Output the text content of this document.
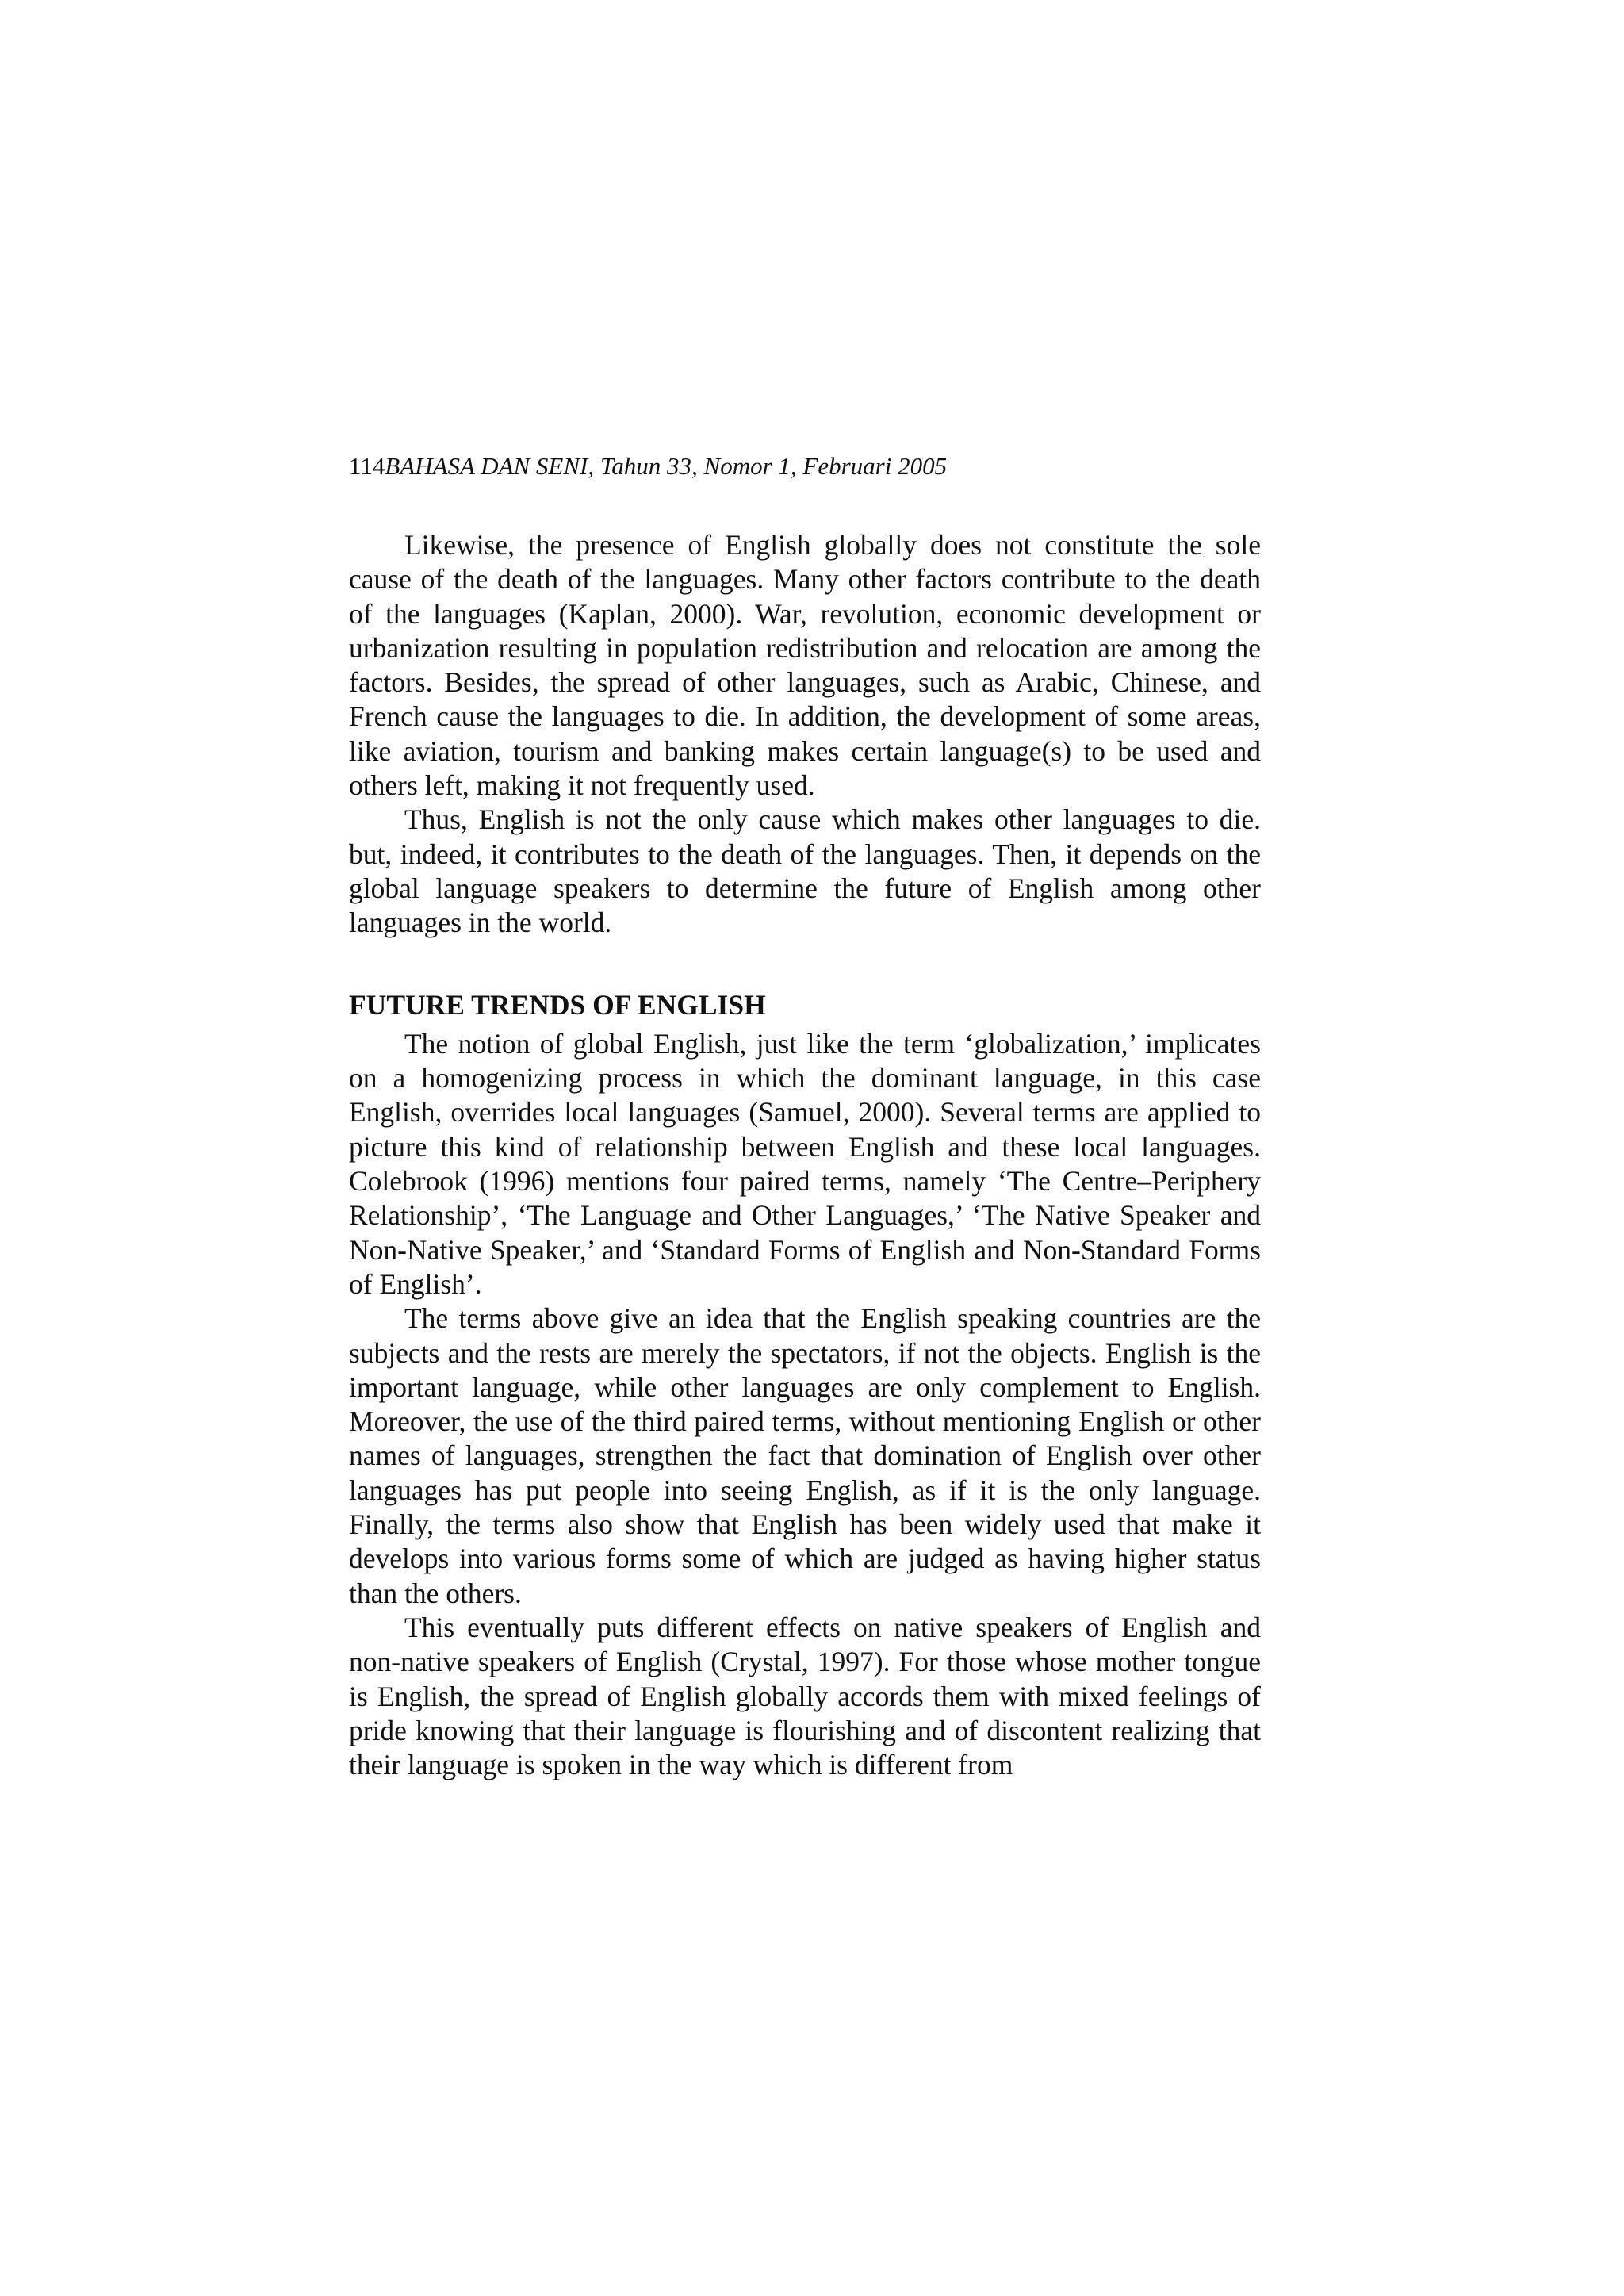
114BAHASA DAN SENI, Tahun 33, Nomor 1, Februari 2005

Likewise, the presence of English globally does not constitute the sole cause of the death of the languages. Many other factors contribute to the death of the languages (Kaplan, 2000). War, revolution, economic development or urbanization resulting in population redistribution and relocation are among the factors. Besides, the spread of other languages, such as Arabic, Chinese, and French cause the languages to die. In addition, the development of some areas, like aviation, tourism and banking makes certain language(s) to be used and others left, making it not frequently used.

Thus, English is not the only cause which makes other languages to die. but, indeed, it contributes to the death of the languages. Then, it depends on the global language speakers to determine the future of English among other languages in the world.

FUTURE TRENDS OF ENGLISH

The notion of global English, just like the term ‘globalization,’ implicates on a homogenizing process in which the dominant language, in this case English, overrides local languages (Samuel, 2000). Several terms are applied to picture this kind of relationship between English and these local languages. Colebrook (1996) mentions four paired terms, namely ‘The Centre–Periphery Relationship’, ‘The Language and Other Languages,’ ‘The Native Speaker and Non-Native Speaker,’ and ‘Standard Forms of English and Non-Standard Forms of English’.

The terms above give an idea that the English speaking countries are the subjects and the rests are merely the spectators, if not the objects. English is the important language, while other languages are only complement to English. Moreover, the use of the third paired terms, without mentioning English or other names of languages, strengthen the fact that domination of English over other languages has put people into seeing English, as if it is the only language. Finally, the terms also show that English has been widely used that make it develops into various forms some of which are judged as having higher status than the others.

This eventually puts different effects on native speakers of English and non-native speakers of English (Crystal, 1997). For those whose mother tongue is English, the spread of English globally accords them with mixed feelings of pride knowing that their language is flourishing and of discontent realizing that their language is spoken in the way which is different from
